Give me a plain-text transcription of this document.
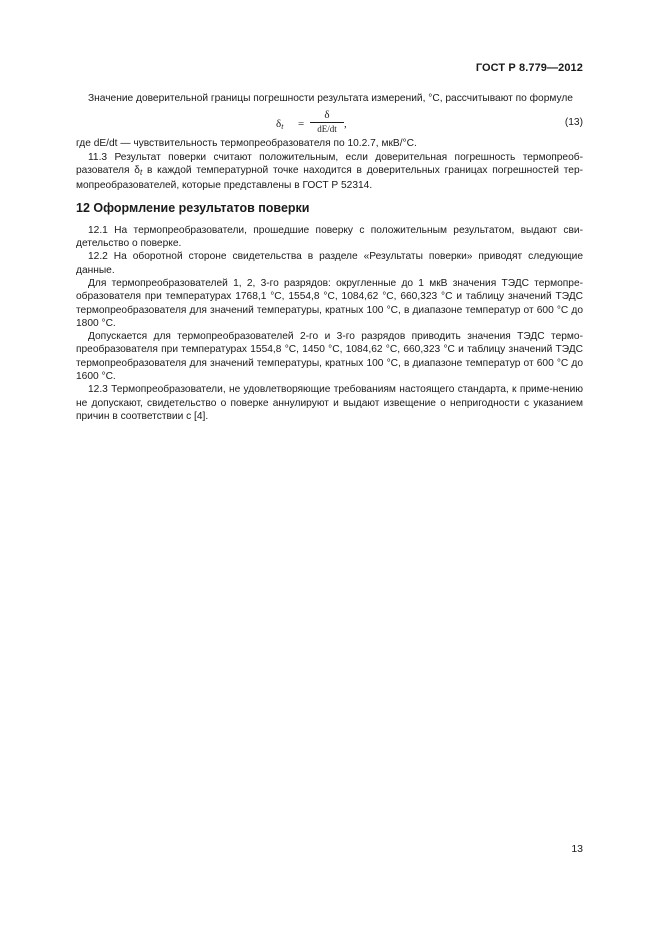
ГОСТ Р 8.779—2012

Значение доверительной границы погрешности результата измерений, °С, рассчитывают по формуле

$\delta_t$ =
δ
dE/dt ,	(13)

где dE/dt — чувствительность термопреобразователя по 10.2.7, мкВ/°С.

11.3 Результат поверки считают положительным, если доверительная погрешность термопреоб-разователя $\delta_t$ в каждой температурной точке находится в доверительных границах погрешностей тер-мопреобразователей, которые представлены в ГОСТ Р 52314.

12 Оформление результатов поверки

12.1 На термопреобразователи, прошедшие поверку с положительным результатом, выдают сви-детельство о поверке.

12.2 На оборотной стороне свидетельства в разделе «Результаты поверки» приводят следующие данные.

Для термопреобразователей 1, 2, 3-го разрядов: округленные до 1 мкВ значения ТЭДС термопре-образователя при температурах 1768,1 °С, 1554,8 °С, 1084,62 °С, 660,323 °С и таблицу значений ТЭДС термопреобразователя для значений температуры, кратных 100 °С, в диапазоне температур от 600 °С до 1800 °С.

Допускается для термопреобразователей 2-го и 3-го разрядов приводить значения ТЭДС термо-преобразователя при температурах 1554,8 °С, 1450 °С, 1084,62 °С, 660,323 °С и таблицу значений ТЭДС термопреобразователя для значений температуры, кратных 100 °С, в диапазоне температур от 600 °С до 1600 °С.

12.3 Термопреобразователи, не удовлетворяющие требованиям настоящего стандарта, к приме-нению не допускают, свидетельство о поверке аннулируют и выдают извещение о непригодности с указанием причин в соответствии с [4].

13
